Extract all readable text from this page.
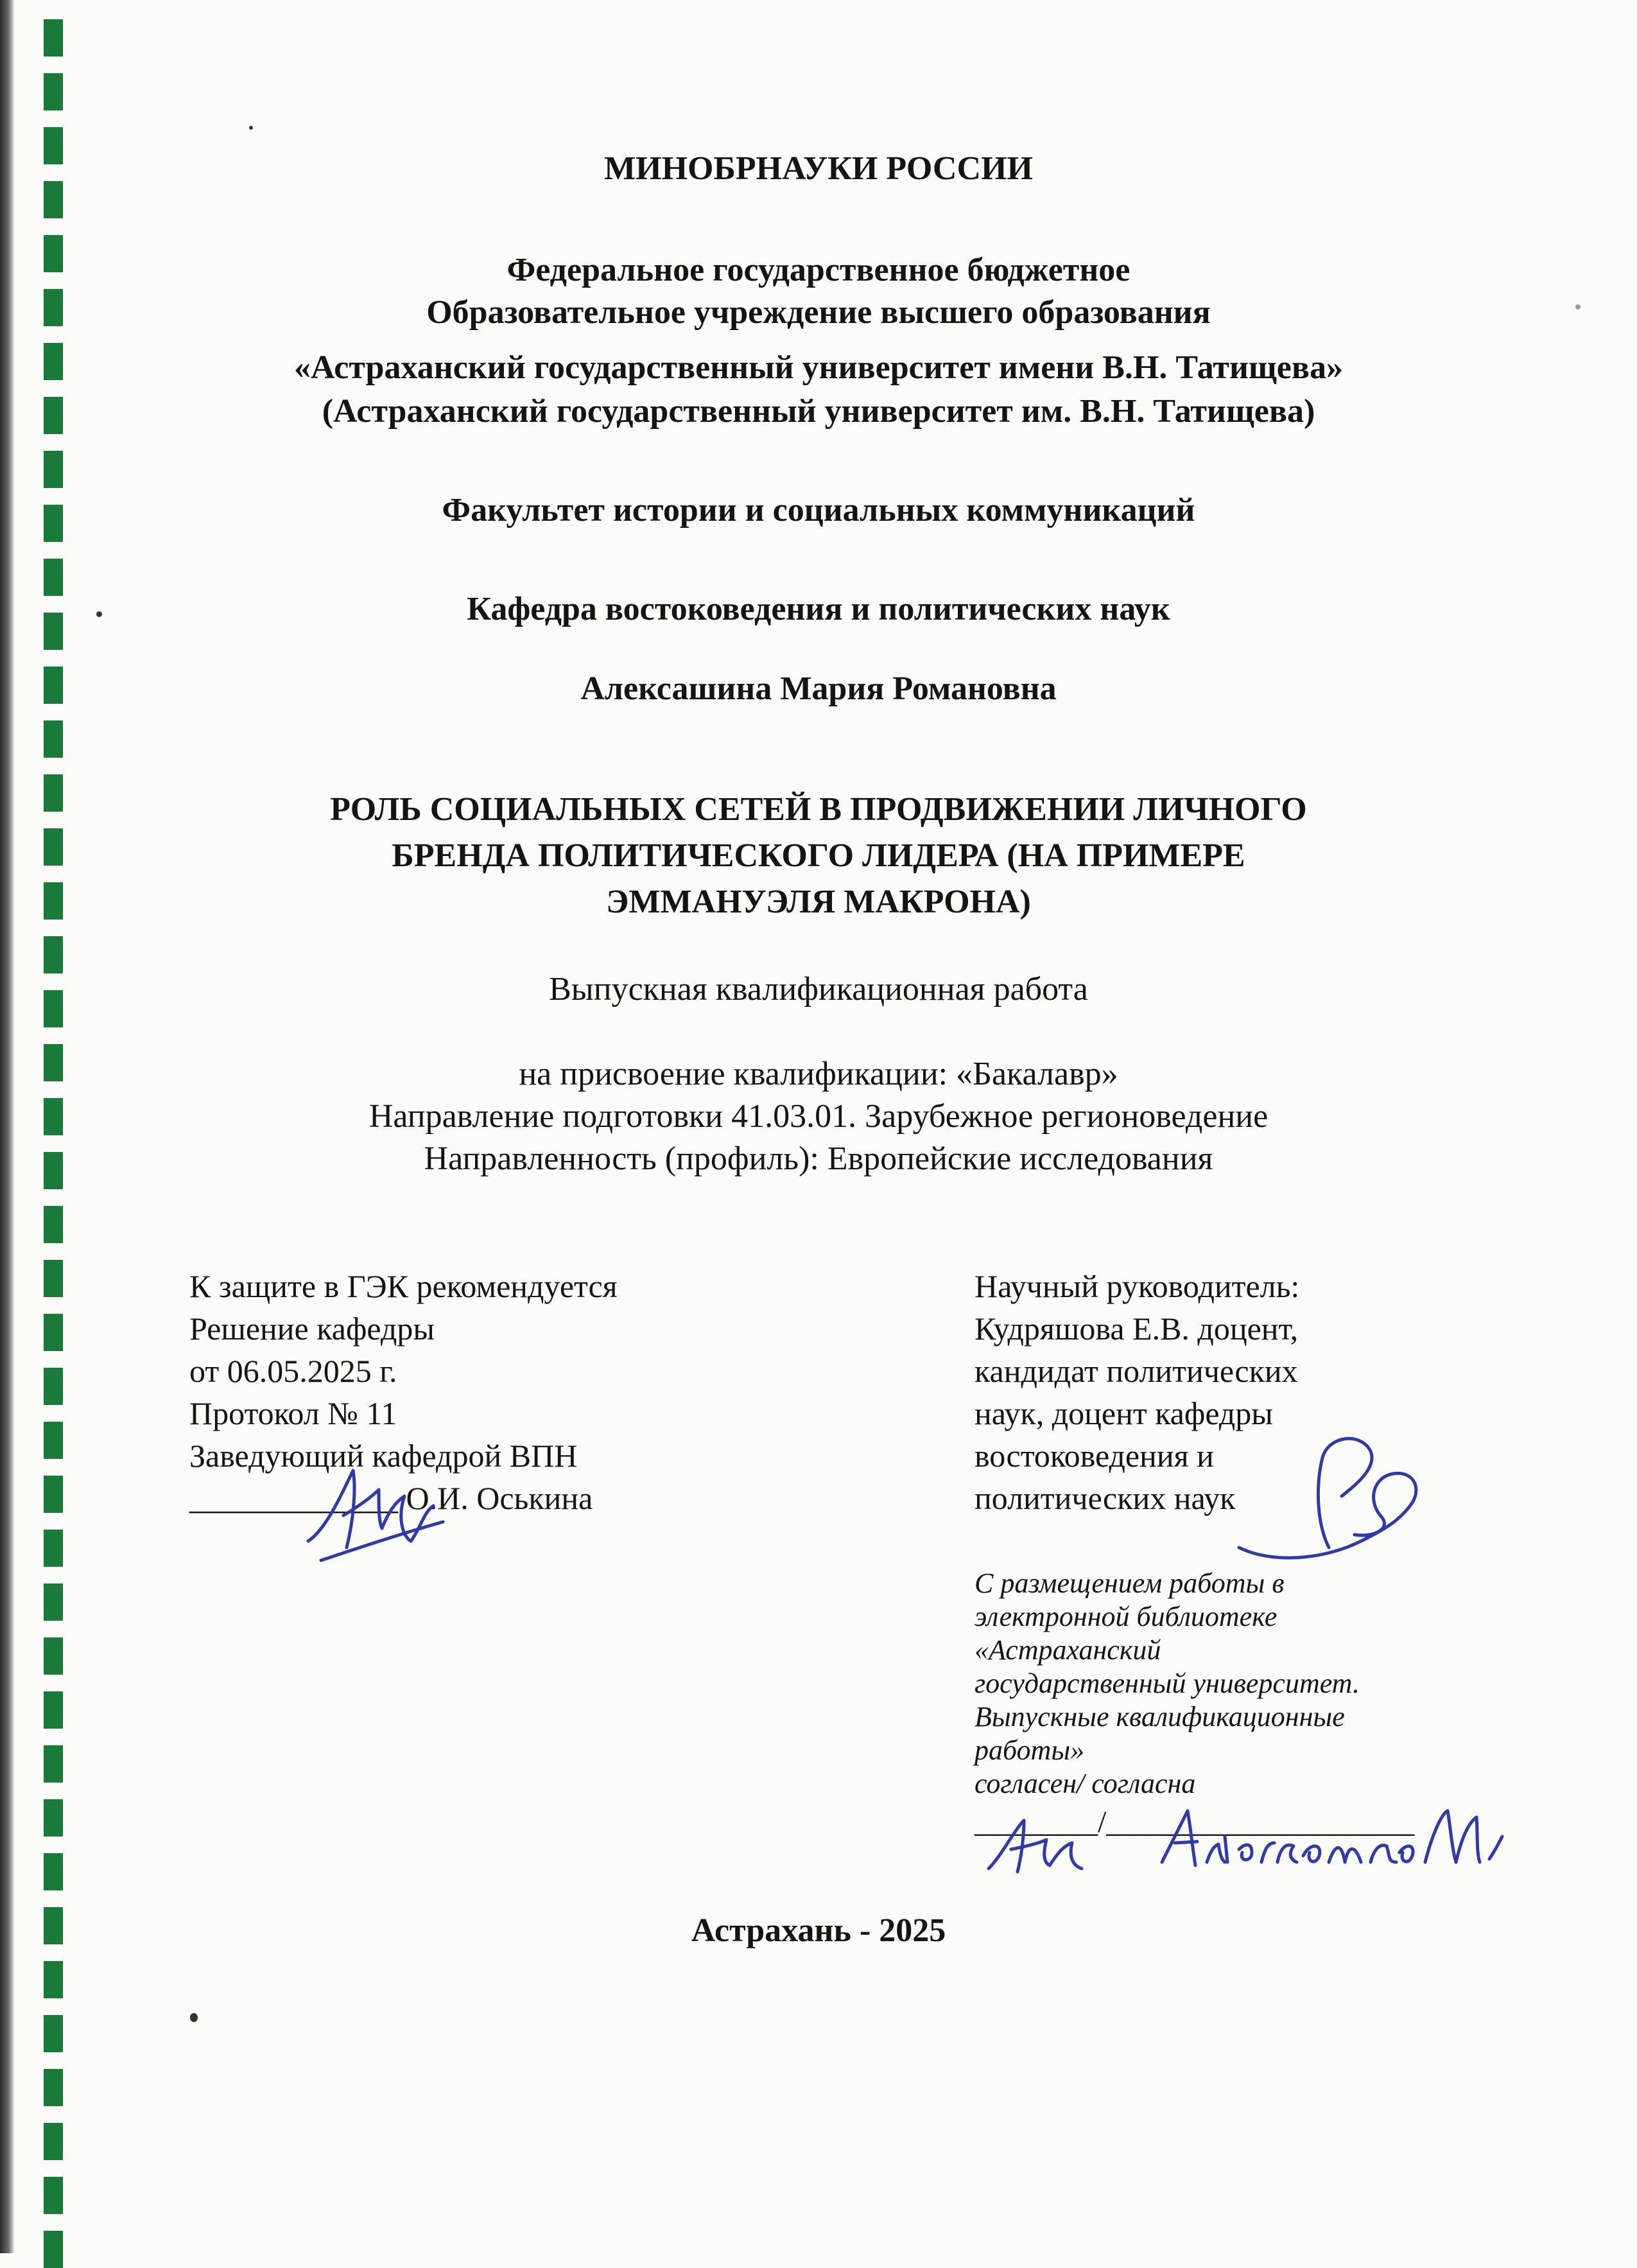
МИНОБРНАУКИ РОССИИ
Федеральное государственное бюджетное
Образовательное учреждение высшего образования
«Астраханский государственный университет имени В.Н. Татищева»
(Астраханский государственный университет им. В.Н. Татищева)
Факультет истории и социальных коммуникаций
Кафедра востоковедения и политических наук
Алексашина Мария Романовна
РОЛЬ СОЦИАЛЬНЫХ СЕТЕЙ В ПРОДВИЖЕНИИ ЛИЧНОГО
БРЕНДА ПОЛИТИЧЕСКОГО ЛИДЕРА (НА ПРИМЕРЕ
ЭММАНУЭЛЯ МАКРОНА)
Выпускная квалификационная работа
на присвоение квалификации: «Бакалавр»
Направление подготовки 41.03.01. Зарубежное регионоведение
Направленность (профиль): Европейские исследования
К защите в ГЭК рекомендуется
Решение кафедры
от 06.05.2025 г.
Протокол № 11
Заведующий кафедрой ВПН
_____________ О.И. Оськина
Научный руководитель:
Кудряшова Е.В. доцент,
кандидат политических
наук, доцент кафедры
востоковедения и
политических наук
С размещением работы в
электронной библиотеке
«Астраханский
государственный университет.
Выпускные квалификационные
работы»
согласен/ согласна
________/____________________
Астрахань - 2025
